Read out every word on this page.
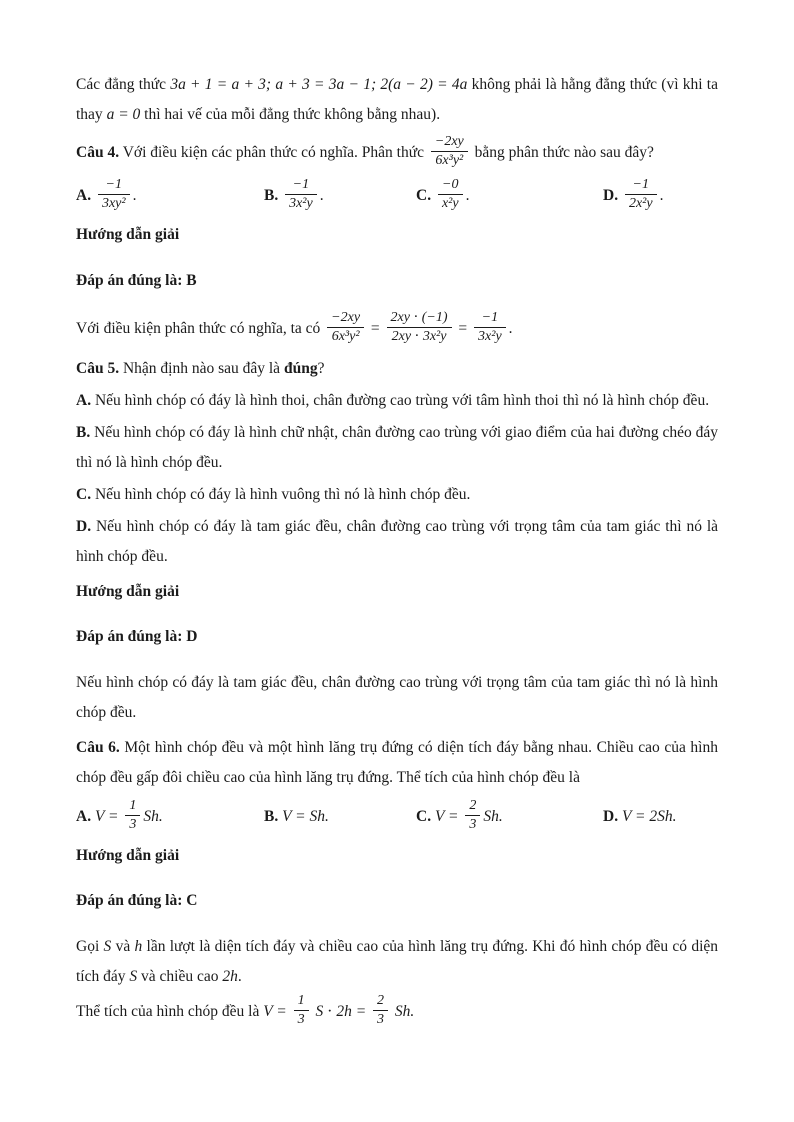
Các đẳng thức 3a + 1 = a + 3; a + 3 = 3a − 1; 2(a − 2) = 4a không phải là hằng đẳng thức (vì khi ta thay a = 0 thì hai vế của mỗi đẳng thức không bằng nhau).

Câu 4. Với điều kiện các phân thức có nghĩa. Phân thức $\frac{-2xy}{\text{6x³y²}}$ bằng phân thức nào sau đây?

A. $\frac{-1}{\text{3xy²}}$ .	B. $\frac{-1}{\text{3x²y}}$ .	C. $\frac{-0}{\text{x²y}}$ .	D. $\frac{-1}{\text{2x²y}}$ .

Hướng dẫn giải

Đáp án đúng là: B

Với điều kiện phân thức có nghĩa, ta có $\frac{-2xy}{\text{6x³y²}} = \frac{2xy \cdot (-1)}{\text{2xy ⋅ 3x²y}} = \frac{-1}{\text{3x²y}}$ .

Câu 5. Nhận định nào sau đây là đúng?

A. Nếu hình chóp có đáy là hình thoi, chân đường cao trùng với tâm hình thoi thì nó là hình chóp đều.

B. Nếu hình chóp có đáy là hình chữ nhật, chân đường cao trùng với giao điểm của hai đường chéo đáy thì nó là hình chóp đều.

C. Nếu hình chóp có đáy là hình vuông thì nó là hình chóp đều.

D. Nếu hình chóp có đáy là tam giác đều, chân đường cao trùng với trọng tâm của tam giác thì nó là hình chóp đều.

Hướng dẫn giải

Đáp án đúng là: D

Nếu hình chóp có đáy là tam giác đều, chân đường cao trùng với trọng tâm của tam giác thì nó là hình chóp đều.

Câu 6. Một hình chóp đều và một hình lăng trụ đứng có diện tích đáy bằng nhau. Chiều cao của hình chóp đều gấp đôi chiều cao của hình lăng trụ đứng. Thể tích của hình chóp đều là

A. $V = \frac{1}{3} Sh$.	B. V = Sh.	C. $V = \frac{2}{3} Sh$.	D. V = 2Sh.

Hướng dẫn giải

Đáp án đúng là: C

Gọi S và h lần lượt là diện tích đáy và chiều cao của hình lăng trụ đứng. Khi đó hình chóp đều có diện tích đáy S và chiều cao 2h.

Thể tích của hình chóp đều là $V = \frac{1}{3}$ $S \cdot 2h = \frac{2}{3} Sh$.
